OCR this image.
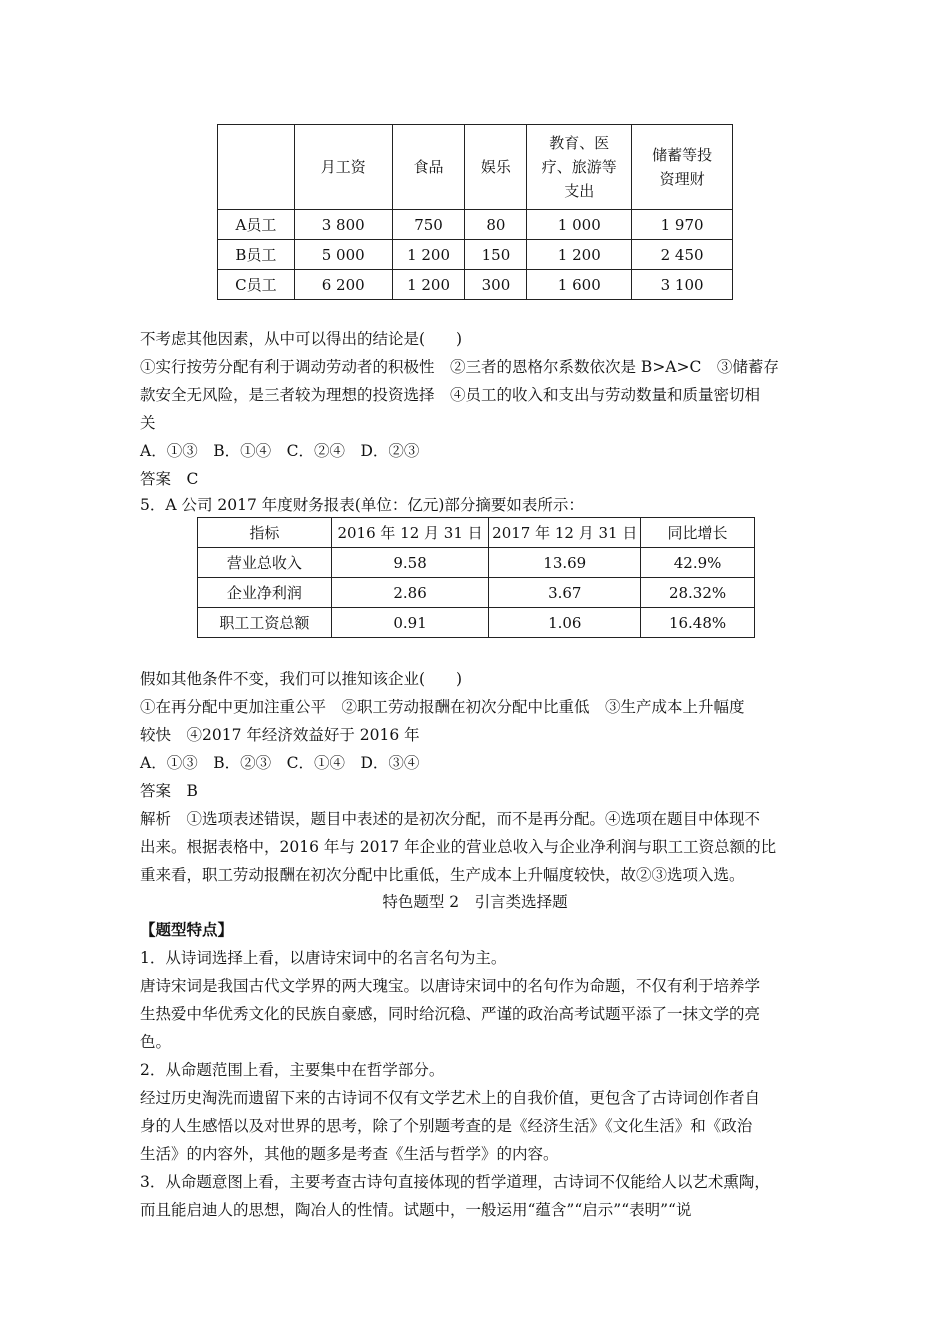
	月工资	食品	娱乐	教育、医
疗、旅游等
支出	储蓄等投
资理财
A员工	3 800	750	80	1 000	1 970
B员工	5 000	1 200	150	1 200	2 450
C员工	6 200	1 200	300	1 600	3 100
不考虑其他因素，从中可以得出的结论是(　　)
①实行按劳分配有利于调动劳动者的积极性　②三者的恩格尔系数依次是 B>A>C　③储蓄存
款安全无风险，是三者较为理想的投资选择　④员工的收入和支出与劳动数量和质量密切相
关
A．①③　B．①④　C．②④　D．②③
答案　C
5．A 公司 2017 年度财务报表(单位：亿元)部分摘要如表所示：
指标	2016 年 12 月 31 日	2017 年 12 月 31 日	同比增长
营业总收入	9.58	13.69	42.9%
企业净利润	2.86	3.67	28.32%
职工工资总额	0.91	1.06	16.48%
假如其他条件不变，我们可以推知该企业(　　)
①在再分配中更加注重公平　②职工劳动报酬在初次分配中比重低　③生产成本上升幅度
较快　④2017 年经济效益好于 2016 年
A．①③　B．②③　C．①④　D．③④
答案　B
解析　①选项表述错误，题目中表述的是初次分配，而不是再分配。④选项在题目中体现不
出来。根据表格中，2016 年与 2017 年企业的营业总收入与企业净利润与职工工资总额的比
重来看，职工劳动报酬在初次分配中比重低，生产成本上升幅度较快，故②③选项入选。
特色题型 2　引言类选择题
【题型特点】
1．从诗词选择上看，以唐诗宋词中的名言名句为主。
唐诗宋词是我国古代文学界的两大瑰宝。以唐诗宋词中的名句作为命题，不仅有利于培养学
生热爱中华优秀文化的民族自豪感，同时给沉稳、严谨的政治高考试题平添了一抹文学的亮
色。
2．从命题范围上看，主要集中在哲学部分。
经过历史淘洗而遗留下来的古诗词不仅有文学艺术上的自我价值，更包含了古诗词创作者自
身的人生感悟以及对世界的思考，除了个别题考查的是《经济生活》《文化生活》和《政治
生活》的内容外，其他的题多是考查《生活与哲学》的内容。
3．从命题意图上看，主要考查古诗句直接体现的哲学道理，古诗词不仅能给人以艺术熏陶，
而且能启迪人的思想，陶冶人的性情。试题中，一般运用“蕴含”“启示”“表明”“说
